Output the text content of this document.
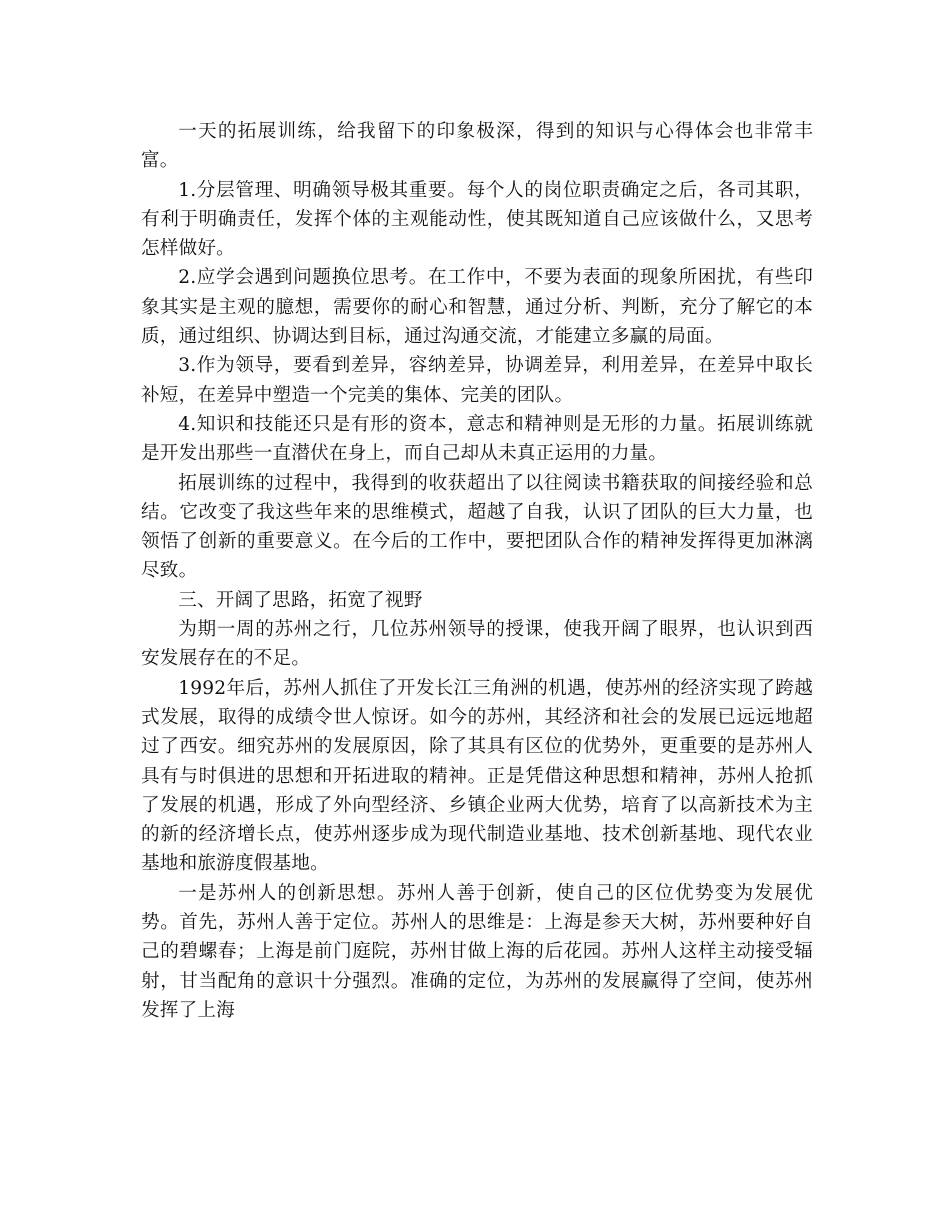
一天的拓展训练，给我留下的印象极深，得到的知识与心得体会也非常丰富。

1.分层管理、明确领导极其重要。每个人的岗位职责确定之后，各司其职，有利于明确责任，发挥个体的主观能动性，使其既知道自己应该做什么，又思考怎样做好。

2.应学会遇到问题换位思考。在工作中，不要为表面的现象所困扰，有些印象其实是主观的臆想，需要你的耐心和智慧，通过分析、判断，充分了解它的本质，通过组织、协调达到目标，通过沟通交流，才能建立多赢的局面。

3.作为领导，要看到差异，容纳差异，协调差异，利用差异，在差异中取长补短，在差异中塑造一个完美的集体、完美的团队。

4.知识和技能还只是有形的资本，意志和精神则是无形的力量。拓展训练就是开发出那些一直潜伏在身上，而自己却从未真正运用的力量。

拓展训练的过程中，我得到的收获超出了以往阅读书籍获取的间接经验和总结。它改变了我这些年来的思维模式，超越了自我，认识了团队的巨大力量，也领悟了创新的重要意义。在今后的工作中，要把团队合作的精神发挥得更加淋漓尽致。

三、开阔了思路，拓宽了视野

为期一周的苏州之行，几位苏州领导的授课，使我开阔了眼界，也认识到西安发展存在的不足。

1992年后，苏州人抓住了开发长江三角洲的机遇，使苏州的经济实现了跨越式发展，取得的成绩令世人惊讶。如今的苏州，其经济和社会的发展已远远地超过了西安。细究苏州的发展原因，除了其具有区位的优势外，更重要的是苏州人具有与时俱进的思想和开拓进取的精神。正是凭借这种思想和精神，苏州人抢抓了发展的机遇，形成了外向型经济、乡镇企业两大优势，培育了以高新技术为主的新的经济增长点，使苏州逐步成为现代制造业基地、技术创新基地、现代农业基地和旅游度假基地。

一是苏州人的创新思想。苏州人善于创新，使自己的区位优势变为发展优势。首先，苏州人善于定位。苏州人的思维是：上海是参天大树，苏州要种好自己的碧螺春；上海是前门庭院，苏州甘做上海的后花园。苏州人这样主动接受辐射，甘当配角的意识十分强烈。准确的定位，为苏州的发展赢得了空间，使苏州发挥了上海
